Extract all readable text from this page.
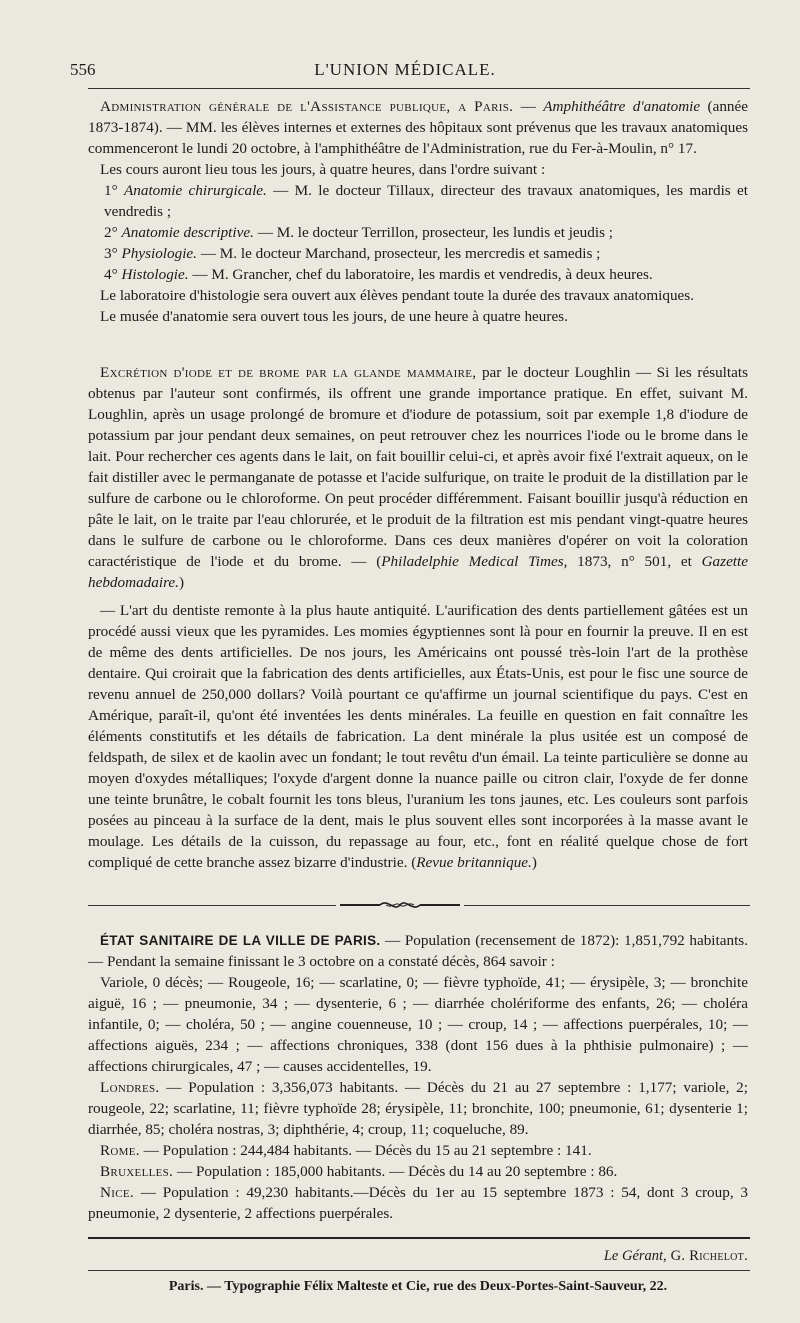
556	L'UNION MÉDICALE.

Administration générale de l'Assistance publique, a Paris. — Amphithéâtre d'anatomie (année 1873-1874). — MM. les élèves internes et externes des hôpitaux sont prévenus que les travaux anatomiques commenceront le lundi 20 octobre, à l'amphithéâtre de l'Administration, rue du Fer-à-Moulin, n° 17.

Les cours auront lieu tous les jours, à quatre heures, dans l'ordre suivant :

1° Anatomie chirurgicale. — M. le docteur Tillaux, directeur des travaux anatomiques, les mardis et vendredis ;

2° Anatomie descriptive. — M. le docteur Terrillon, prosecteur, les lundis et jeudis ;

3° Physiologie. — M. le docteur Marchand, prosecteur, les mercredis et samedis ;

4° Histologie. — M. Grancher, chef du laboratoire, les mardis et vendredis, à deux heures.

Le laboratoire d'histologie sera ouvert aux élèves pendant toute la durée des travaux anatomiques.

Le musée d'anatomie sera ouvert tous les jours, de une heure à quatre heures.

Excrétion d'iode et de brome par la glande mammaire, par le docteur Loughlin — Si les résultats obtenus par l'auteur sont confirmés, ils offrent une grande importance pratique. En effet, suivant M. Loughlin, après un usage prolongé de bromure et d'iodure de potassium, soit par exemple 1,8 d'iodure de potassium par jour pendant deux semaines, on peut retrouver chez les nourrices l'iode ou le brome dans le lait. Pour rechercher ces agents dans le lait, on fait bouillir celui-ci, et après avoir fixé l'extrait aqueux, on le fait distiller avec le permanganate de potasse et l'acide sulfurique, on traite le produit de la distillation par le sulfure de carbone ou le chloroforme. On peut procéder différemment. Faisant bouillir jusqu'à réduction en pâte le lait, on le traite par l'eau chlorurée, et le produit de la filtration est mis pendant vingt-quatre heures dans le sulfure de carbone ou le chloroforme. Dans ces deux manières d'opérer on voit la coloration caractéristique de l'iode et du brome. — (Philadelphie Medical Times, 1873, n° 501, et Gazette hebdomadaire.)

— L'art du dentiste remonte à la plus haute antiquité. L'aurification des dents partiellement gâtées est un procédé aussi vieux que les pyramides. Les momies égyptiennes sont là pour en fournir la preuve. Il en est de même des dents artificielles. De nos jours, les Américains ont poussé très-loin l'art de la prothèse dentaire. Qui croirait que la fabrication des dents artificielles, aux États-Unis, est pour le fisc une source de revenu annuel de 250,000 dollars? Voilà pourtant ce qu'affirme un journal scientifique du pays. C'est en Amérique, paraît-il, qu'ont été inventées les dents minérales. La feuille en question en fait connaître les éléments constitutifs et les détails de fabrication. La dent minérale la plus usitée est un composé de feldspath, de silex et de kaolin avec un fondant; le tout revêtu d'un émail. La teinte particulière se donne au moyen d'oxydes métalliques; l'oxyde d'argent donne la nuance paille ou citron clair, l'oxyde de fer donne une teinte brunâtre, le cobalt fournit les tons bleus, l'uranium les tons jaunes, etc. Les couleurs sont parfois posées au pinceau à la surface de la dent, mais le plus souvent elles sont incorporées à la masse avant le moulage. Les détails de la cuisson, du repassage au four, etc., font en réalité quelque chose de fort compliqué de cette branche assez bizarre d'industrie. (Revue britannique.)

ÉTAT SANITAIRE DE LA VILLE DE PARIS. — Population (recensement de 1872): 1,851,792 habitants.— Pendant la semaine finissant le 3 octobre on a constaté décès, 864 savoir :

Variole, 0 décès; — Rougeole, 16; — scarlatine, 0; — fièvre typhoïde, 41; — érysipèle, 3; — bronchite aiguë, 16 ; — pneumonie, 34 ; — dysenterie, 6 ; — diarrhée cholériforme des enfants, 26; — choléra infantile, 0; — choléra, 50 ; — angine couenneuse, 10 ; — croup, 14 ; — affections puerpérales, 10; — affections aiguës, 234 ; — affections chroniques, 338 (dont 156 dues à la phthisie pulmonaire) ; — affections chirurgicales, 47 ; — causes accidentelles, 19.

Londres. — Population : 3,356,073 habitants. — Décès du 21 au 27 septembre : 1,177; variole, 2; rougeole, 22; scarlatine, 11; fièvre typhoïde 28; érysipèle, 11; bronchite, 100; pneumonie, 61; dysenterie 1; diarrhée, 85; choléra nostras, 3; diphthérie, 4; croup, 11; coqueluche, 89.

Rome. — Population : 244,484 habitants. — Décès du 15 au 21 septembre : 141.

Bruxelles. — Population : 185,000 habitants. — Décès du 14 au 20 septembre : 86.

Nice. — Population : 49,230 habitants.—Décès du 1er au 15 septembre 1873 : 54, dont 3 croup, 3 pneumonie, 2 dysenterie, 2 affections puerpérales.

Le Gérant, G. Richelot.

Paris. — Typographie Félix Malteste et Cie, rue des Deux-Portes-Saint-Sauveur, 22.
